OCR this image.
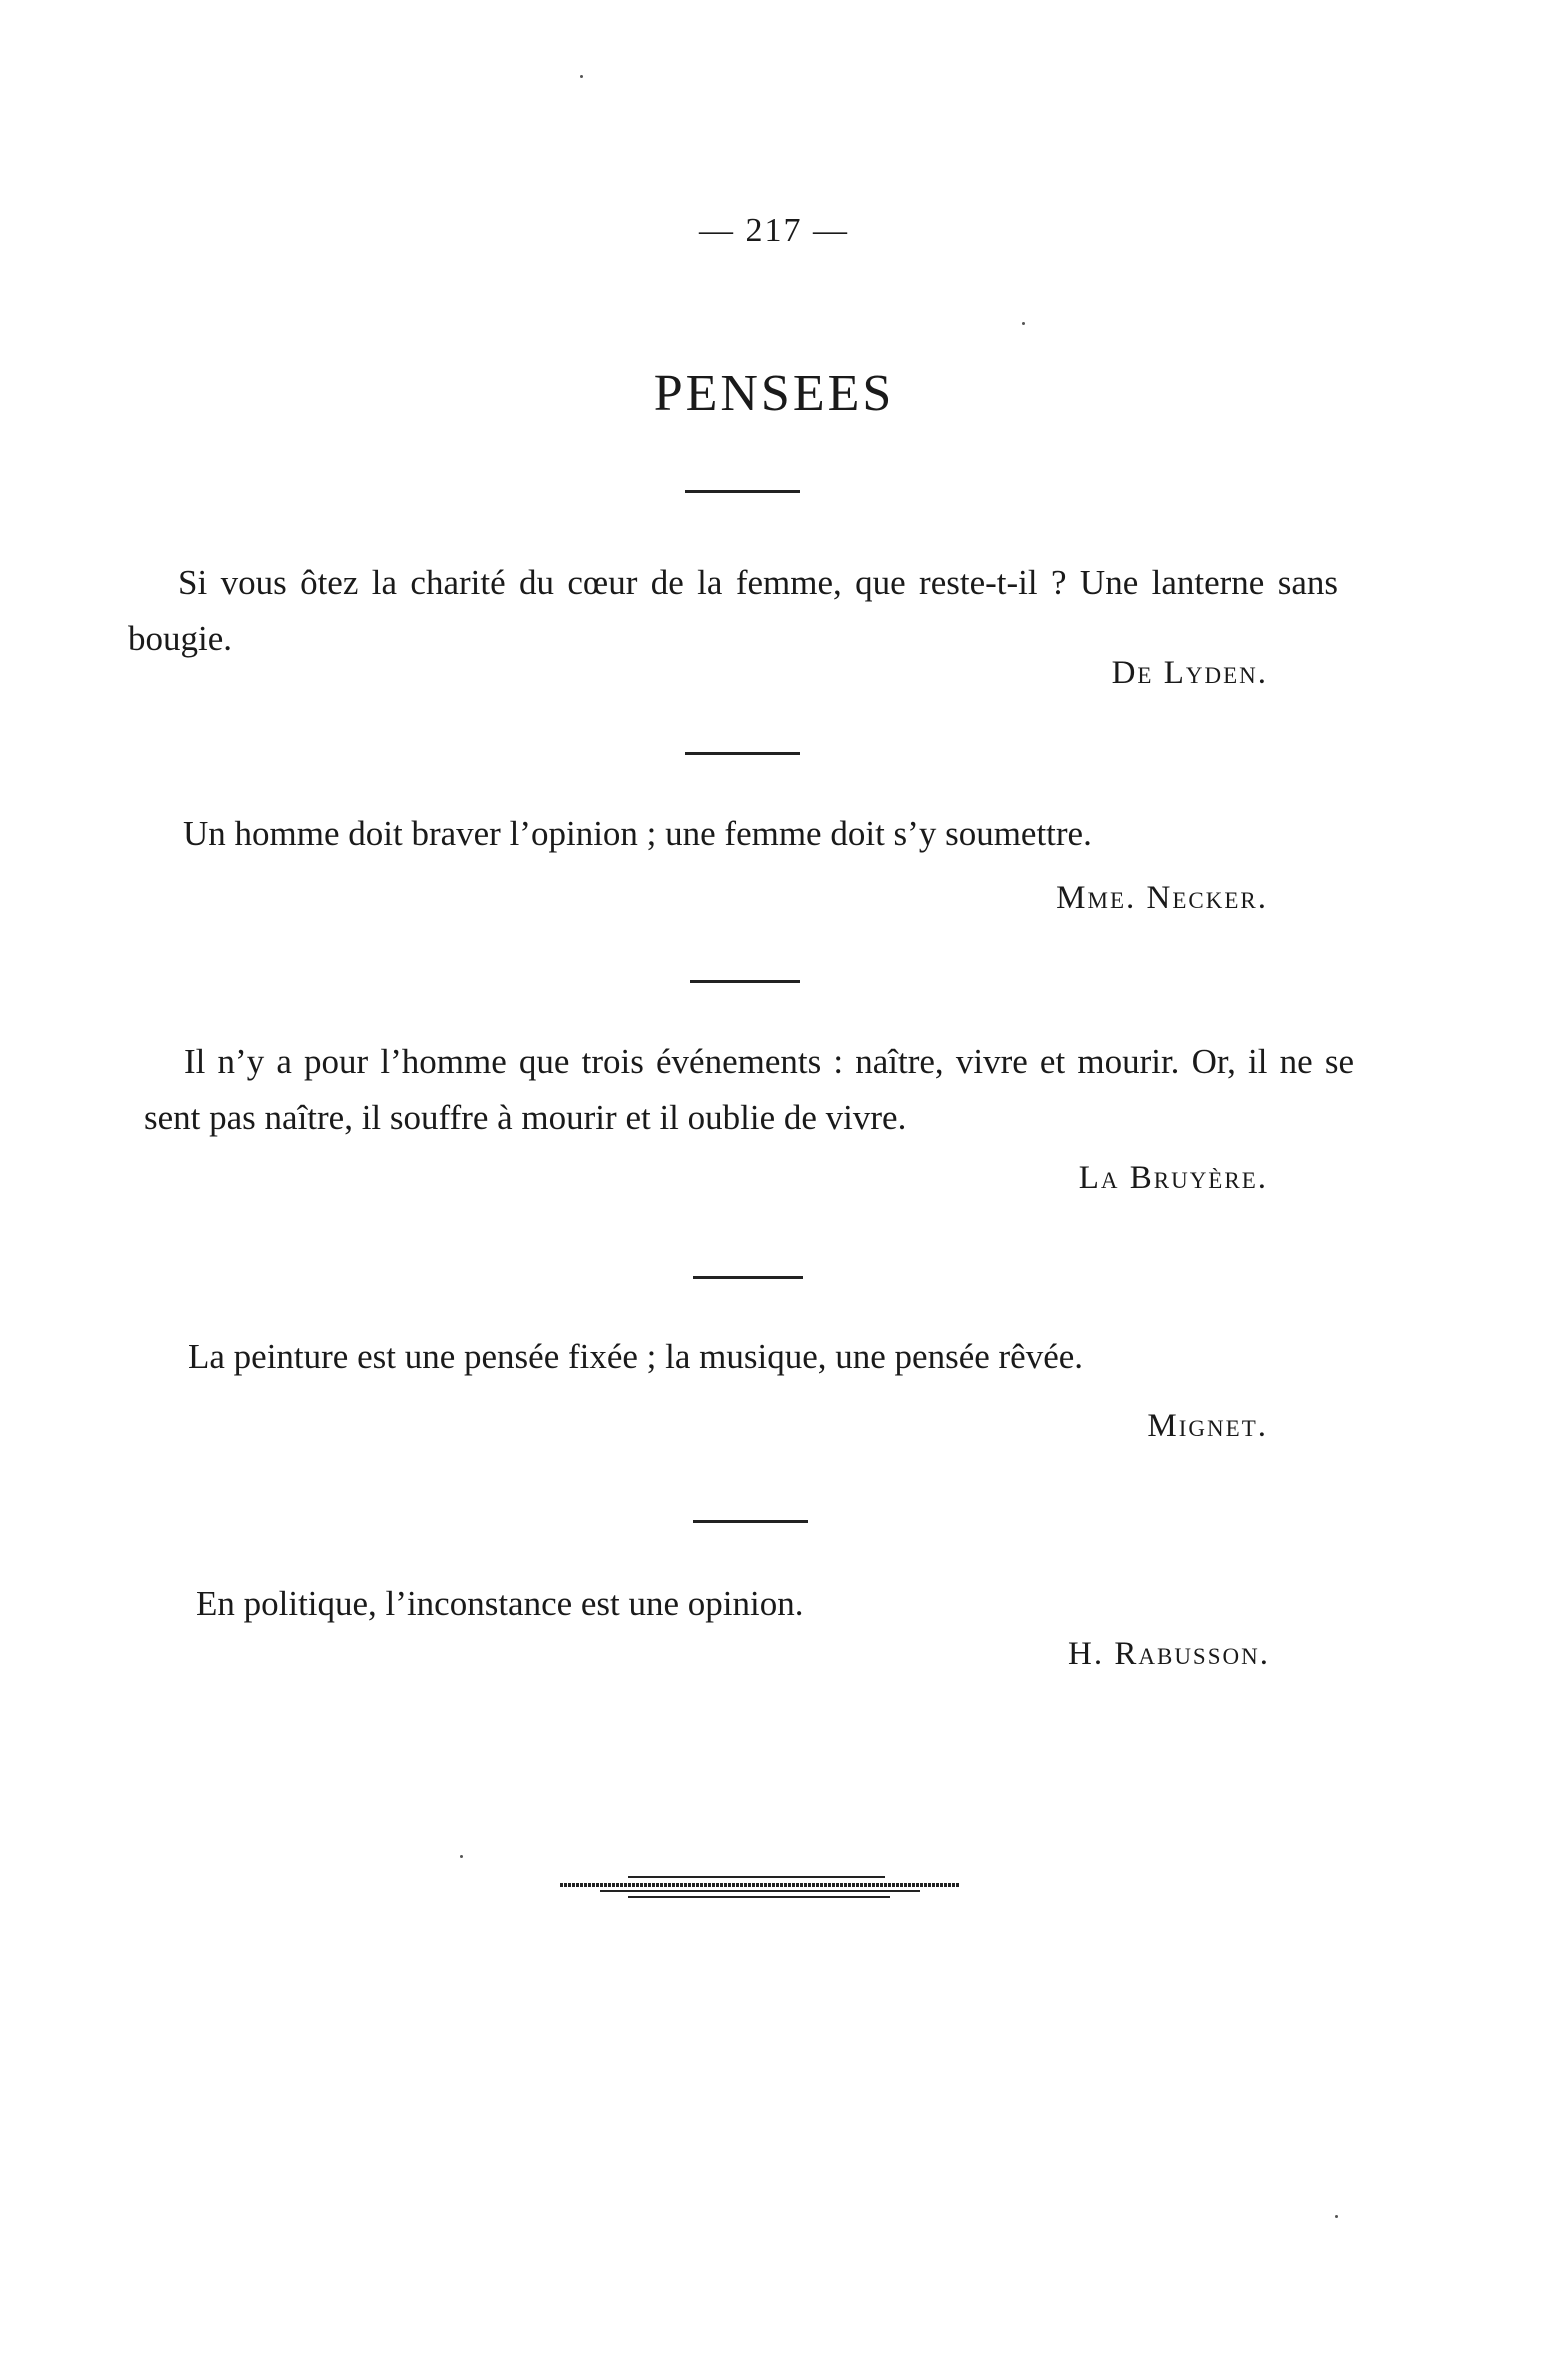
— 217 —
PENSEES

Si vous ôtez la charité du cœur de la femme, que reste-t-il ? Une lanterne sans bougie.

De Lyden.

Un homme doit braver l’opinion ; une femme doit s’y soumettre.

Mme. Necker.

Il n’y a pour l’homme que trois événements : naître, vivre et mourir. Or, il ne se sent pas naître, il souffre à mourir et il oublie de vivre.

La Bruyère.

La peinture est une pensée fixée ; la musique, une pensée rêvée.

Mignet.

En politique, l’inconstance est une opinion.

H. Rabusson.
